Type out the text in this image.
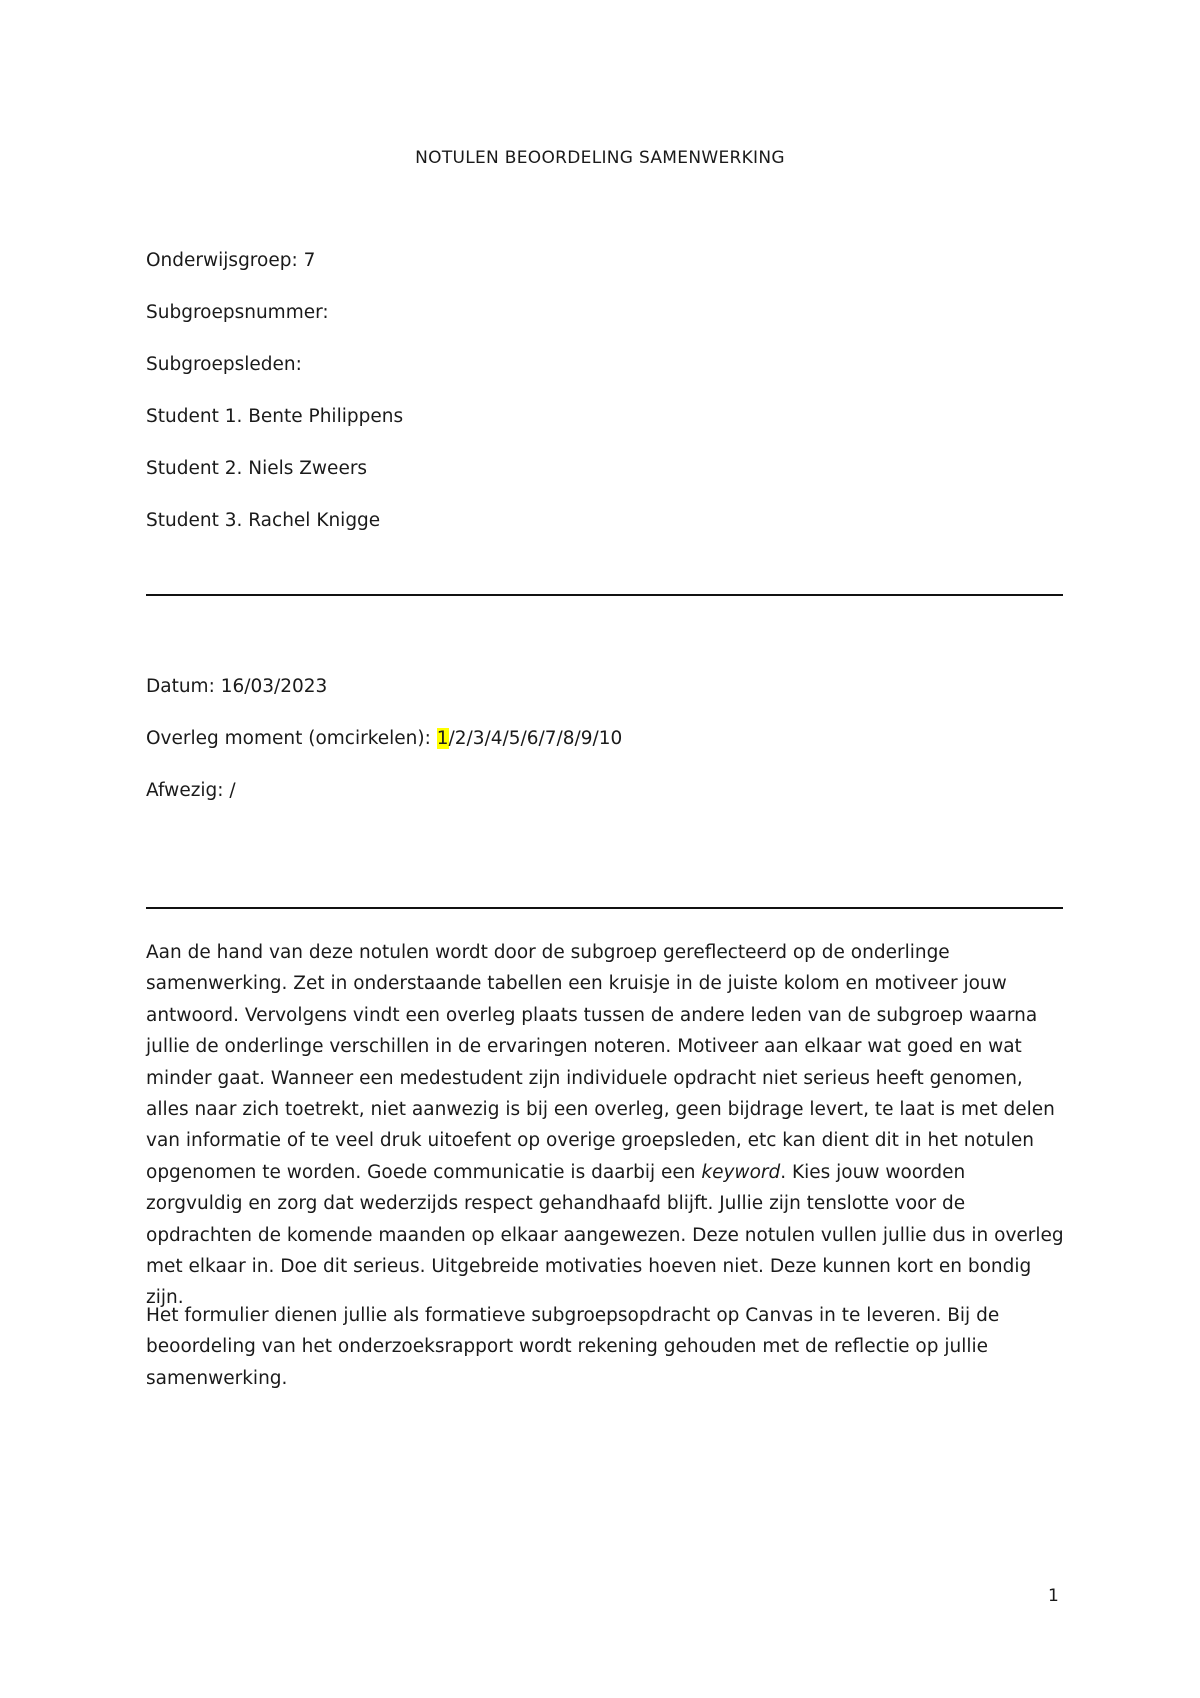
NOTULEN BEOORDELING SAMENWERKING
Onderwijsgroep: 7
Subgroepsnummer:
Subgroepsleden:
Student 1. Bente Philippens
Student 2. Niels Zweers
Student 3. Rachel Knigge
Datum: 16/03/2023
Overleg moment (omcirkelen): 1/2/3/4/5/6/7/8/9/10
Afwezig: /

Aan de hand van deze notulen wordt door de subgroep gereflecteerd op de onderlinge samenwerking. Zet in onderstaande tabellen een kruisje in de juiste kolom en motiveer jouw antwoord. Vervolgens vindt een overleg plaats tussen de andere leden van de subgroep waarna jullie de onderlinge verschillen in de ervaringen noteren. Motiveer aan elkaar wat goed en wat minder gaat. Wanneer een medestudent zijn individuele opdracht niet serieus heeft genomen, alles naar zich toetrekt, niet aanwezig is bij een overleg, geen bijdrage levert, te laat is met delen van informatie of te veel druk uitoefent op overige groepsleden, etc kan dient dit in het notulen opgenomen te worden. Goede communicatie is daarbij een keyword. Kies jouw woorden zorgvuldig en zorg dat wederzijds respect gehandhaafd blijft. Jullie zijn tenslotte voor de opdrachten de komende maanden op elkaar aangewezen. Deze notulen vullen jullie dus in overleg met elkaar in. Doe dit serieus. Uitgebreide motivaties hoeven niet. Deze kunnen kort en bondig zijn.

Het formulier dienen jullie als formatieve subgroepsopdracht op Canvas in te leveren. Bij de beoordeling van het onderzoeksrapport wordt rekening gehouden met de reflectie op jullie samenwerking.

1
